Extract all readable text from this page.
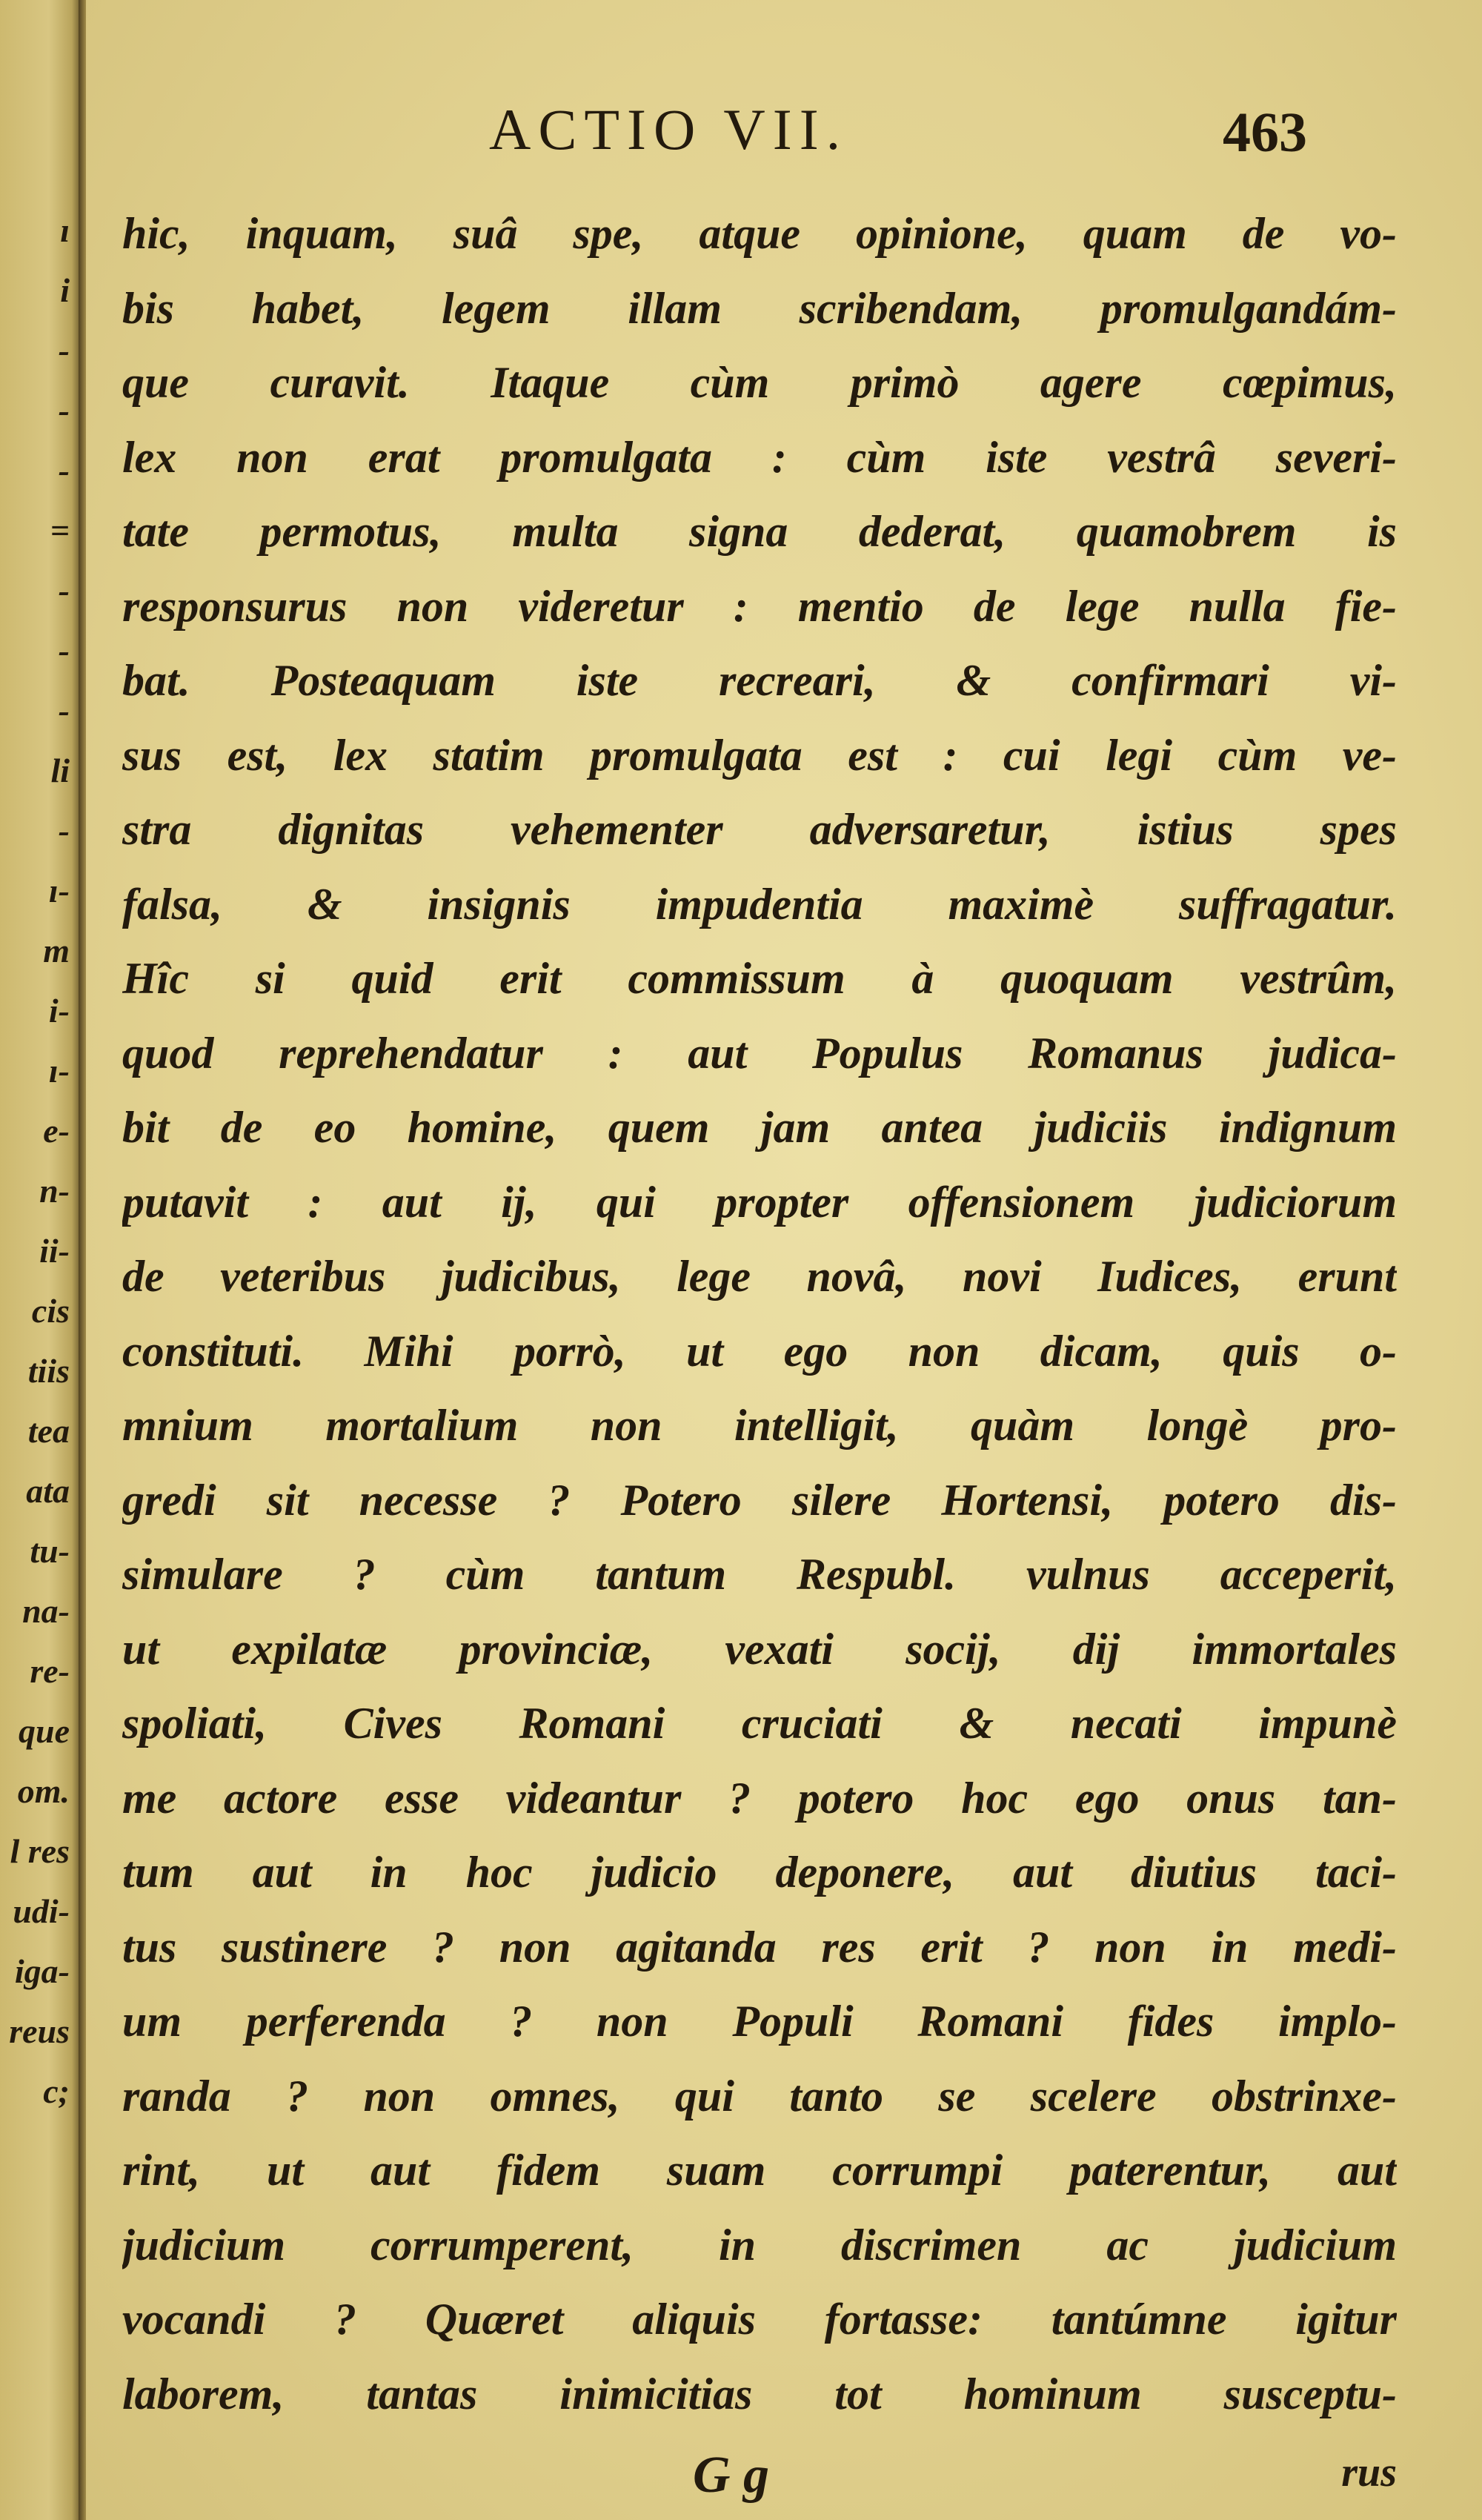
ı
i
-
-
-
=
-
-
-
li
-
ı-
m
i-
ı-
e-
n-
ii-
cis
tiis
tea
ata
tu-
na-
re-
que
om.
l res
udi-
iga-
reus
c;
ACTIO VII.	463
hic, inquam, suâ spe, atque opinione, quam de vo-
bis habet, legem illam scribendam, promulgandám-
que curavit. Itaque cùm primò agere cœpimus,
lex non erat promulgata : cùm iste vestrâ severi-
tate permotus, multa signa dederat, quamobrem is
responsurus non videretur : mentio de lege nulla fie-
bat. Posteaquam iste recreari, & confirmari vi-
sus est, lex statim promulgata est : cui legi cùm ve-
stra dignitas vehementer adversaretur, istius spes
falsa, & insignis impudentia maximè suffragatur.
Hîc si quid erit commissum à quoquam vestrûm,
quod reprehendatur : aut Populus Romanus judica-
bit de eo homine, quem jam antea judiciis indignum
putavit : aut ij, qui propter offensionem judiciorum
de veteribus judicibus, lege novâ, novi Iudices, erunt
constituti. Mihi porrò, ut ego non dicam, quis o-
mnium mortalium non intelligit, quàm longè pro-
gredi sit necesse ? Potero silere Hortensi, potero dis-
simulare ? cùm tantum Respubl. vulnus acceperit,
ut expilatæ provinciæ, vexati socij, dij immortales
spoliati, Cives Romani cruciati & necati impunè
me actore esse videantur ? potero hoc ego onus tan-
tum aut in hoc judicio deponere, aut diutius taci-
tus sustinere ? non agitanda res erit ? non in medi-
um perferenda ? non Populi Romani fides implo-
randa ? non omnes, qui tanto se scelere obstrinxe-
rint, ut aut fidem suam corrumpi paterentur, aut
judicium corrumperent, in discrimen ac judicium
vocandi ? Quæret aliquis fortasse: tantúmne igitur
laborem, tantas inimicitias tot hominum susceptu-
G g	rus
